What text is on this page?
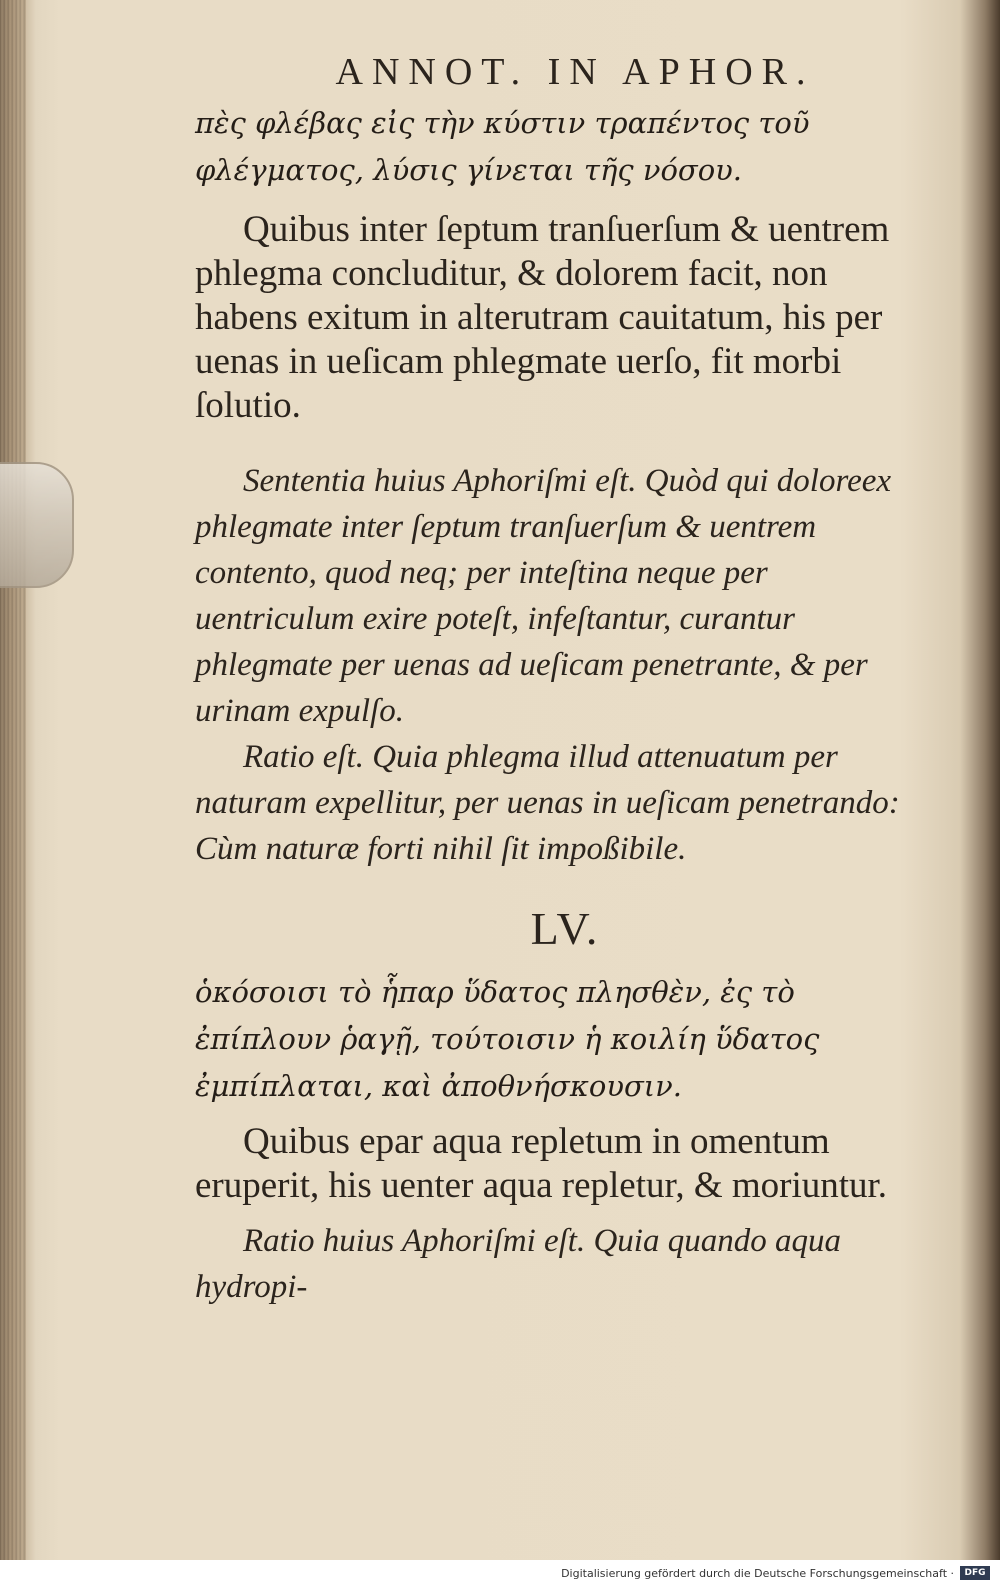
ANNOT. IN APHOR.
πὲς φλέβας εἰς τὴν κύστιν τραπέντος τοῦ φλέγματος, λύσις γίνεται τῆς νόσου.

Quibus inter ſeptum tranſuerſum & uentrem phlegma concluditur, & dolorem facit, non habens exitum in alterutram cauitatum, his per uenas in ueſicam phlegmate uerſo, fit morbi ſolutio.

Sententia huius Aphoriſmi eſt. Quòd qui doloreex phlegmate inter ſeptum tranſuerſum & uentrem contento, quod neq; per inteſtina neque per uentriculum exire poteſt, infeſtantur, curantur phlegmate per uenas ad ueſicam penetrante, & per urinam expulſo.

Ratio eſt. Quia phlegma illud attenuatum per naturam expellitur, per uenas in ueſicam penetrando: Cùm naturæ forti nihil ſit impoßibile.

LV.
ὁκόσοισι τὸ ἧπαρ ὕδατος πλησθὲν, ἐς τὸ ἐπίπλουν ῥαγῇ, τούτοισιν ἡ κοιλίη ὕδατος ἐμπίπλαται, καὶ ἀποθνήσκουσιν.

Quibus epar aqua repletum in omentum eruperit, his uenter aqua repletur, & moriuntur.

Ratio huius Aphoriſmi eſt. Quia quando aqua hydropi-

Digitalisierung gefördert durch die Deutsche Forschungsgemeinschaft ·	DFG
